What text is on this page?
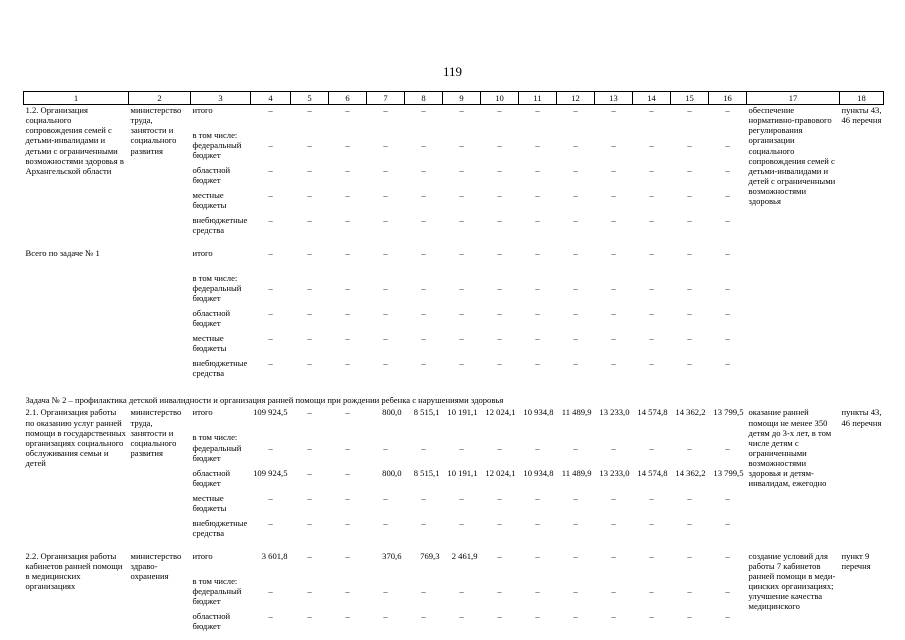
119
1	2	3	4	5	6	7	8	9	10	11	12	13	14	15	16	17	18
1.2. Организация социального сопровождения семей с детьми-инвалидами и детьми с ограниченными возможностями здоровья в Архангельской области	министерство труда, занятости и социального развития	итого	–	–	–	–	–	–	–	–	–	–	–	–	–	обеспечение нормативно-правового регулирования организации социального сопровождения семей с детьми-инвалидами и детей с ограниченными возможностями здоровья	пункты 43, 46 перечня
		в том числе:															
		федеральный бюджет	–	–	–	–	–	–	–	–	–	–	–	–	–		
		областной бюджет	–	–	–	–	–	–	–	–	–	–	–	–	–		
		местные бюджеты	–	–	–	–	–	–	–	–	–	–	–	–	–		
		внебюджетные средства	–	–	–	–	–	–	–	–	–	–	–	–	–		

Всего по задаче № 1		итого	–	–	–	–	–	–	–	–	–	–	–	–	–		
		в том числе:															
		федеральный бюджет	–	–	–	–	–	–	–	–	–	–	–	–	–		
		областной бюджет	–	–	–	–	–	–	–	–	–	–	–	–	–		
		местные бюджеты	–	–	–	–	–	–	–	–	–	–	–	–	–		
		внебюджетные средства	–	–	–	–	–	–	–	–	–	–	–	–	–		

Задача № 2 – профилактика детской инвалидности и организация ранней помощи при рождении ребенка с нарушениями здоровья																	
2.1. Организация работы по оказанию услуг ранней помощи в государственных организациях социального обслуживания семьи и детей	министерство труда, занятости и социального развития	итого	109 924,5	–	–	800,0	8 515,1	10 191,1	12 024,1	10 934,8	11 489,9	13 233,0	14 574,8	14 362,2	13 799,5	оказание ранней помощи не менее 350 детям до 3-х лет, в том числе детям с ограниченными возможностями здоровья и детям-инвалидам, ежегодно	пункты 43, 46 перечня
		в том числе:															
		федеральный бюджет	–	–	–	–	–	–	–	–	–	–	–	–	–		
		областной бюджет	109 924,5	–	–	800,0	8 515,1	10 191,1	12 024,1	10 934,8	11 489,9	13 233,0	14 574,8	14 362,2	13 799,5		
		местные бюджеты	–	–	–	–	–	–	–	–	–	–	–	–	–		
		внебюджетные средства	–	–	–	–	–	–	–	–	–	–	–	–	–		

2.2. Организация работы кабинетов ранней помощи в медицинских организациях	министерство здраво-охранения	итого	3 601,8	–	–	370,6	769,3	2 461,9	–	–	–	–	–	–	–	создание условий для работы 7 кабинетов ранней помощи в меди-цинских организациях; улучшение качества медицинского	пункт 9 перечня
		в том числе:															
		федеральный бюджет	–	–	–	–	–	–	–	–	–	–	–	–	–		
		областной бюджет	–	–	–	–	–	–	–	–	–	–	–	–	–		
